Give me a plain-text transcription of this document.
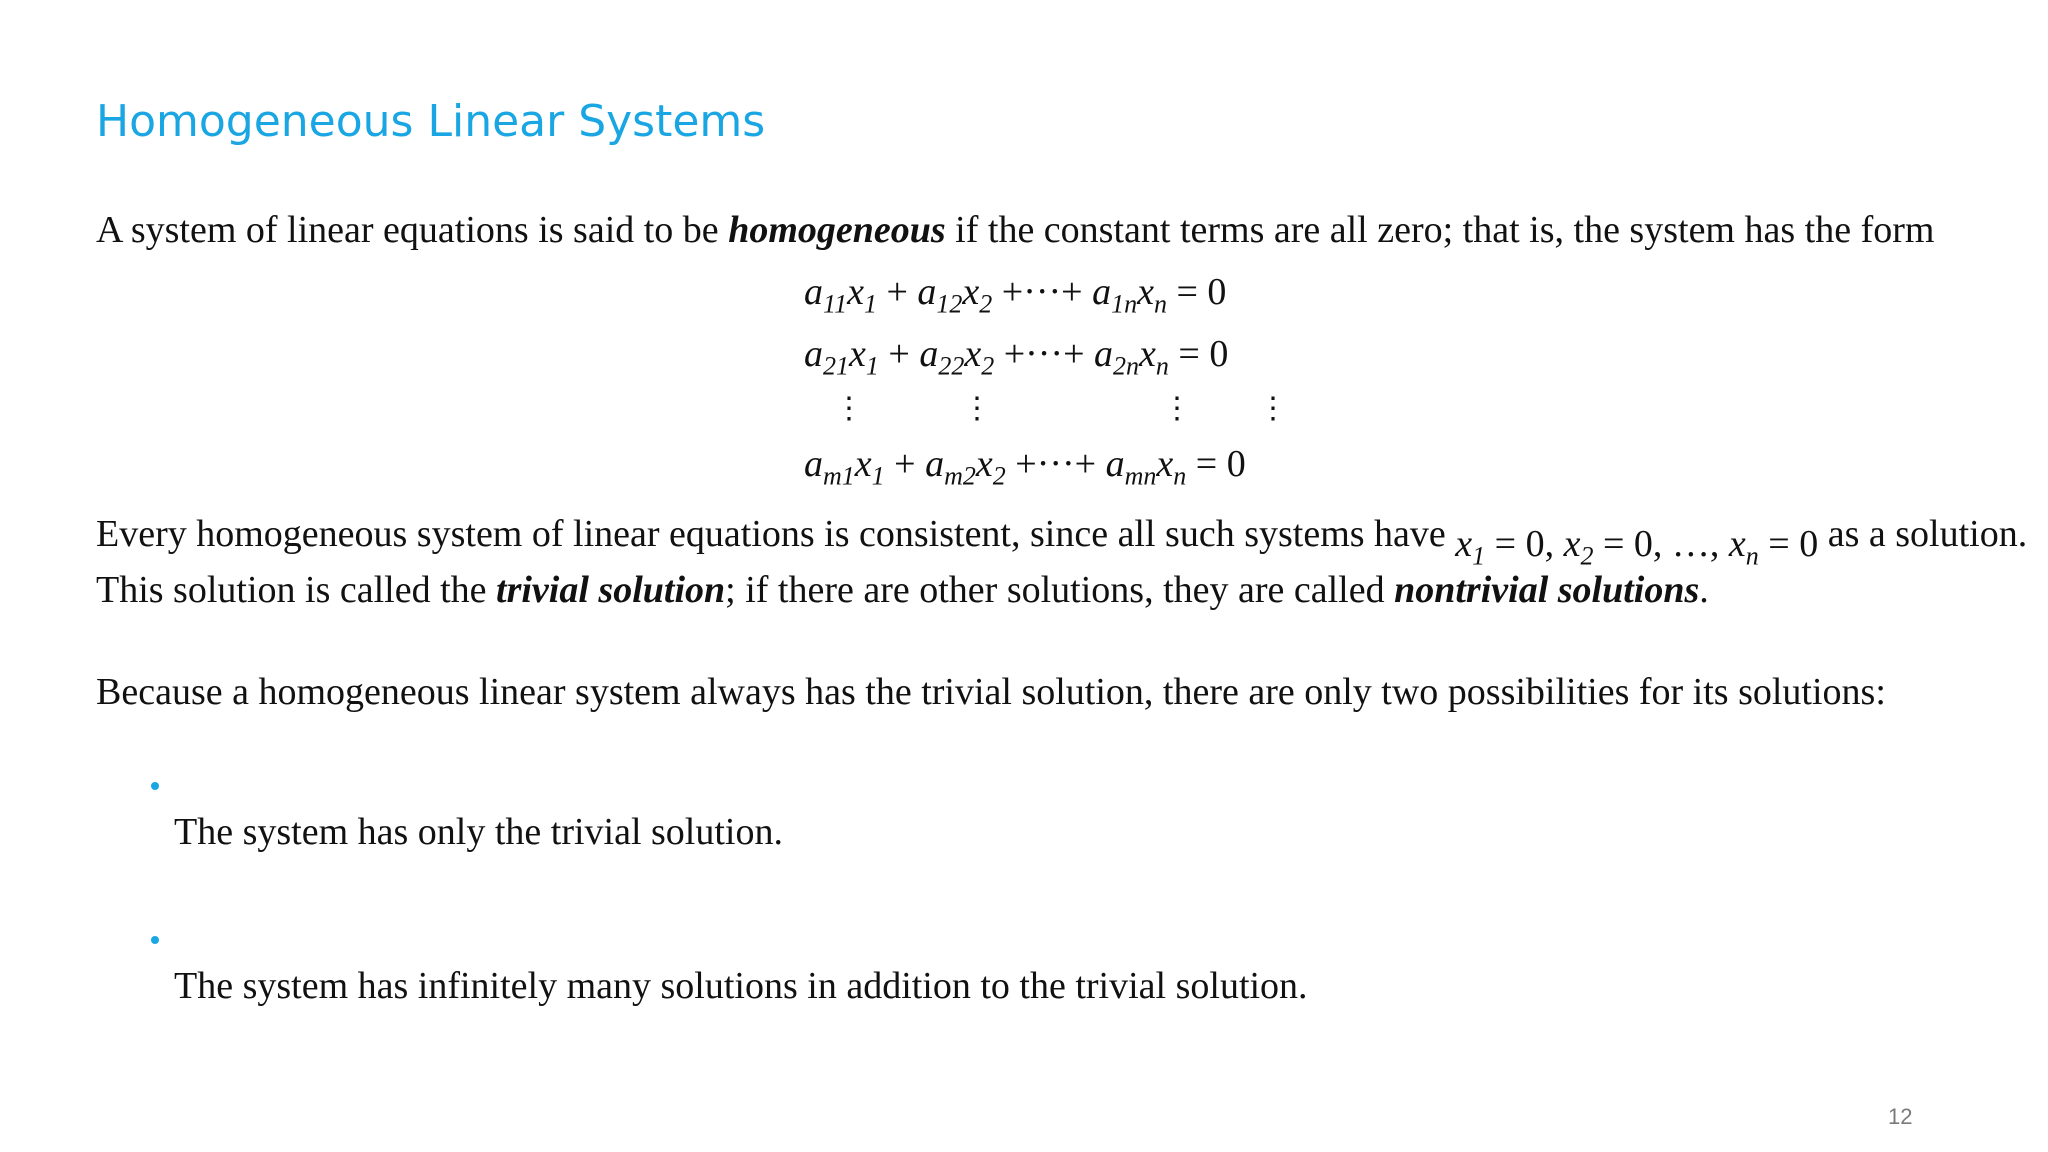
Homogeneous Linear Systems
A system of linear equations is said to be homogeneous if the constant terms are all zero; that is, the system has the form
$a_{11}x_1 + a_{12}x_2$ +···+ $a_{1n}x_n = 0$
$a_{21}x_1 + a_{22}x_2$ +···+ $a_{2n}x_n = 0$
⋮	⋮	⋮ ⋮
$a_{m1}x_1 + a_{m2}x_2$ +···+ $a_{mn}x_n = 0$
Every homogeneous system of linear equations is consistent, since all such systems have $x_1 = 0$, $x_2 = 0$, …, $x_n = 0$ as a solution.
This solution is called the trivial solution; if there are other solutions, they are called nontrivial solutions.
Because a homogeneous linear system always has the trivial solution, there are only two possibilities for its solutions:
The system has only the trivial solution.
The system has infinitely many solutions in addition to the trivial solution.
12
